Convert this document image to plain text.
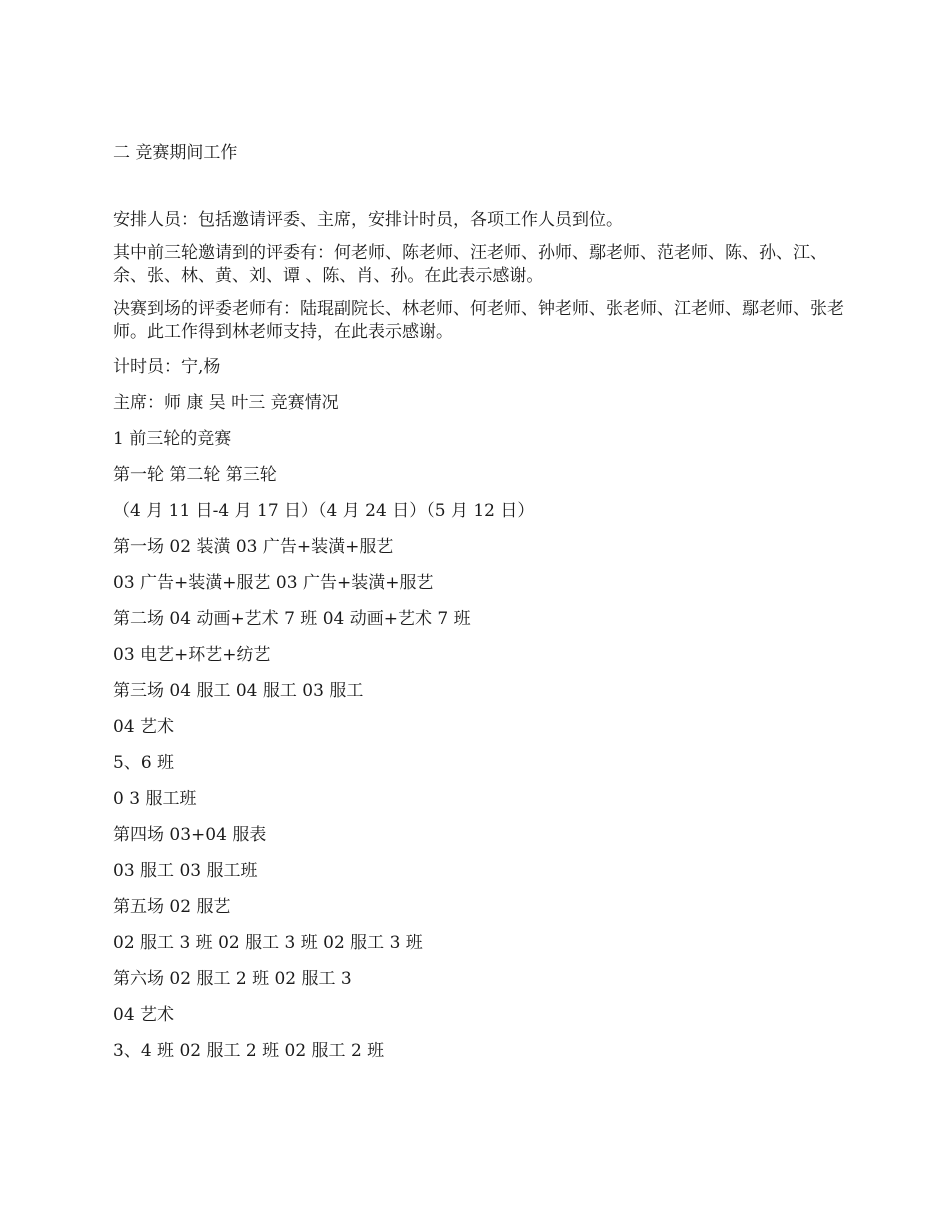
二 竞赛期间工作
安排人员：包括邀请评委、主席，安排计时员，各项工作人员到位。
其中前三轮邀请到的评委有：何老师、陈老师、汪老师、孙师、鄢老师、范老师、陈、孙、江、余、张、林、黄、刘、谭 、陈、肖、孙。在此表示感谢。
决赛到场的评委老师有：陆琨副院长、林老师、何老师、钟老师、张老师、江老师、鄢老师、张老师。此工作得到林老师支持，在此表示感谢。
计时员：宁,杨
主席：师 康 吴 叶三 竞赛情况
1 前三轮的竞赛
第一轮 第二轮 第三轮
（4 月 11 日-4 月 17 日）（4 月 24 日）（5 月 12 日）
第一场 02 装潢 03 广告+装潢+服艺
03 广告+装潢+服艺 03 广告+装潢+服艺
第二场 04 动画+艺术 7 班 04 动画+艺术 7 班
03 电艺+环艺+纺艺
第三场 04 服工 04 服工 03 服工
04 艺术
5、6 班
0 3 服工班
第四场 03+04 服表
03 服工 03 服工班
第五场 02 服艺
02 服工 3 班 02 服工 3 班 02 服工 3 班
第六场 02 服工 2 班 02 服工 3
04 艺术
3、4 班 02 服工 2 班 02 服工 2 班
